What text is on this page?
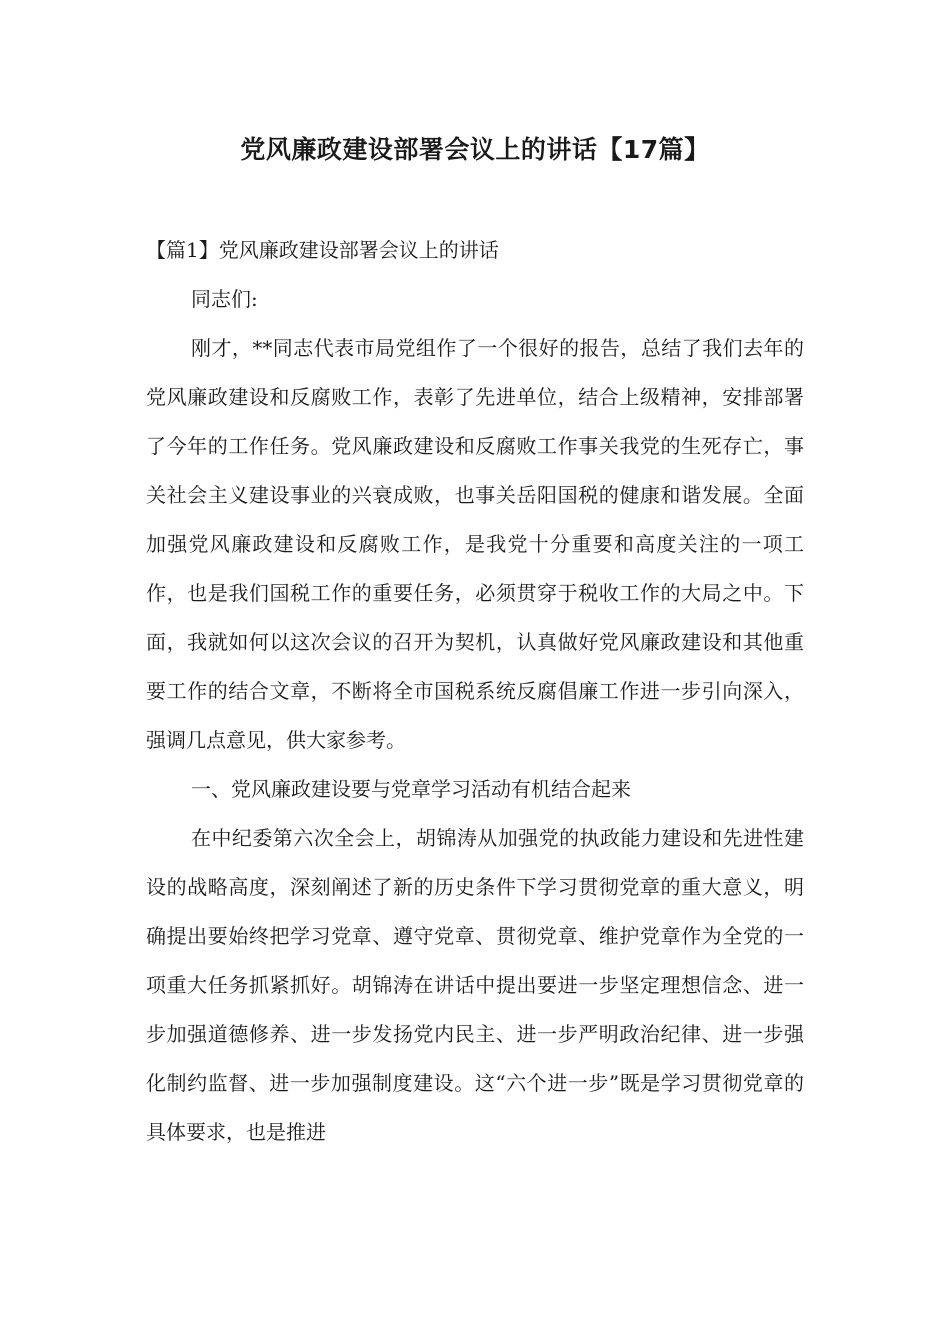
党风廉政建设部署会议上的讲话【17篇】

【篇1】党风廉政建设部署会议上的讲话

同志们:

刚才，**同志代表市局党组作了一个很好的报告，总结了我们去年的党风廉政建设和反腐败工作，表彰了先进单位，结合上级精神，安排部署了今年的工作任务。党风廉政建设和反腐败工作事关我党的生死存亡，事关社会主义建设事业的兴衰成败，也事关岳阳国税的健康和谐发展。全面加强党风廉政建设和反腐败工作，是我党十分重要和高度关注的一项工作，也是我们国税工作的重要任务，必须贯穿于税收工作的大局之中。下面，我就如何以这次会议的召开为契机，认真做好党风廉政建设和其他重要工作的结合文章，不断将全市国税系统反腐倡廉工作进一步引向深入，强调几点意见，供大家参考。

一、党风廉政建设要与党章学习活动有机结合起来

在中纪委第六次全会上，胡锦涛从加强党的执政能力建设和先进性建设的战略高度，深刻阐述了新的历史条件下学习贯彻党章的重大意义，明确提出要始终把学习党章、遵守党章、贯彻党章、维护党章作为全党的一项重大任务抓紧抓好。胡锦涛在讲话中提出要进一步坚定理想信念、进一步加强道德修养、进一步发扬党内民主、进一步严明政治纪律、进一步强化制约监督、进一步加强制度建设。这“六个进一步”既是学习贯彻党章的具体要求，也是推进
